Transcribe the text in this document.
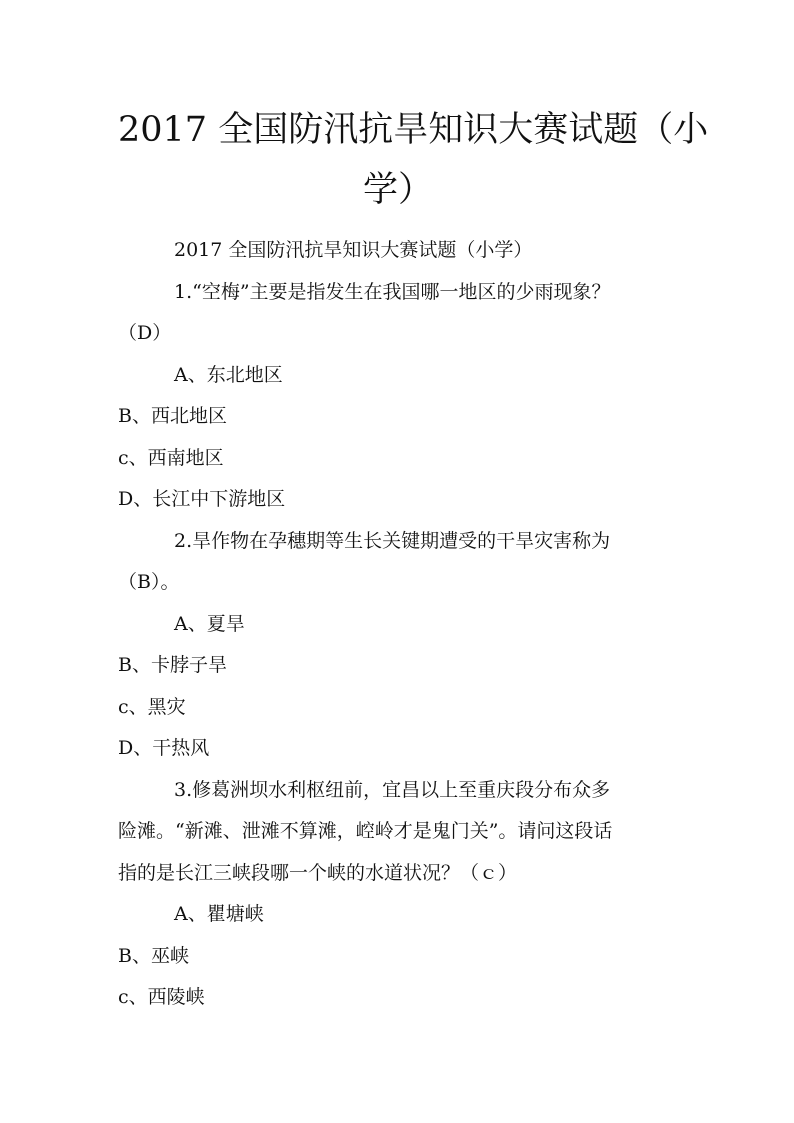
2017 全国防汛抗旱知识大赛试题（小
学）

2017 全国防汛抗旱知识大赛试题（小学）

1.“空梅”主要是指发生在我国哪一地区的少雨现象？

（D）

A、东北地区

B、西北地区

c、西南地区

D、长江中下游地区

2.旱作物在孕穗期等生长关键期遭受的干旱灾害称为

（B）。

A、夏旱

B、卡脖子旱

c、黑灾

D、干热风

3.修葛洲坝水利枢纽前，宜昌以上至重庆段分布众多

险滩。“新滩、泄滩不算滩，崆岭才是鬼门关”。请问这段话

指的是长江三峡段哪一个峡的水道状况？（ｃ）

A、瞿塘峡

B、巫峡

c、西陵峡
